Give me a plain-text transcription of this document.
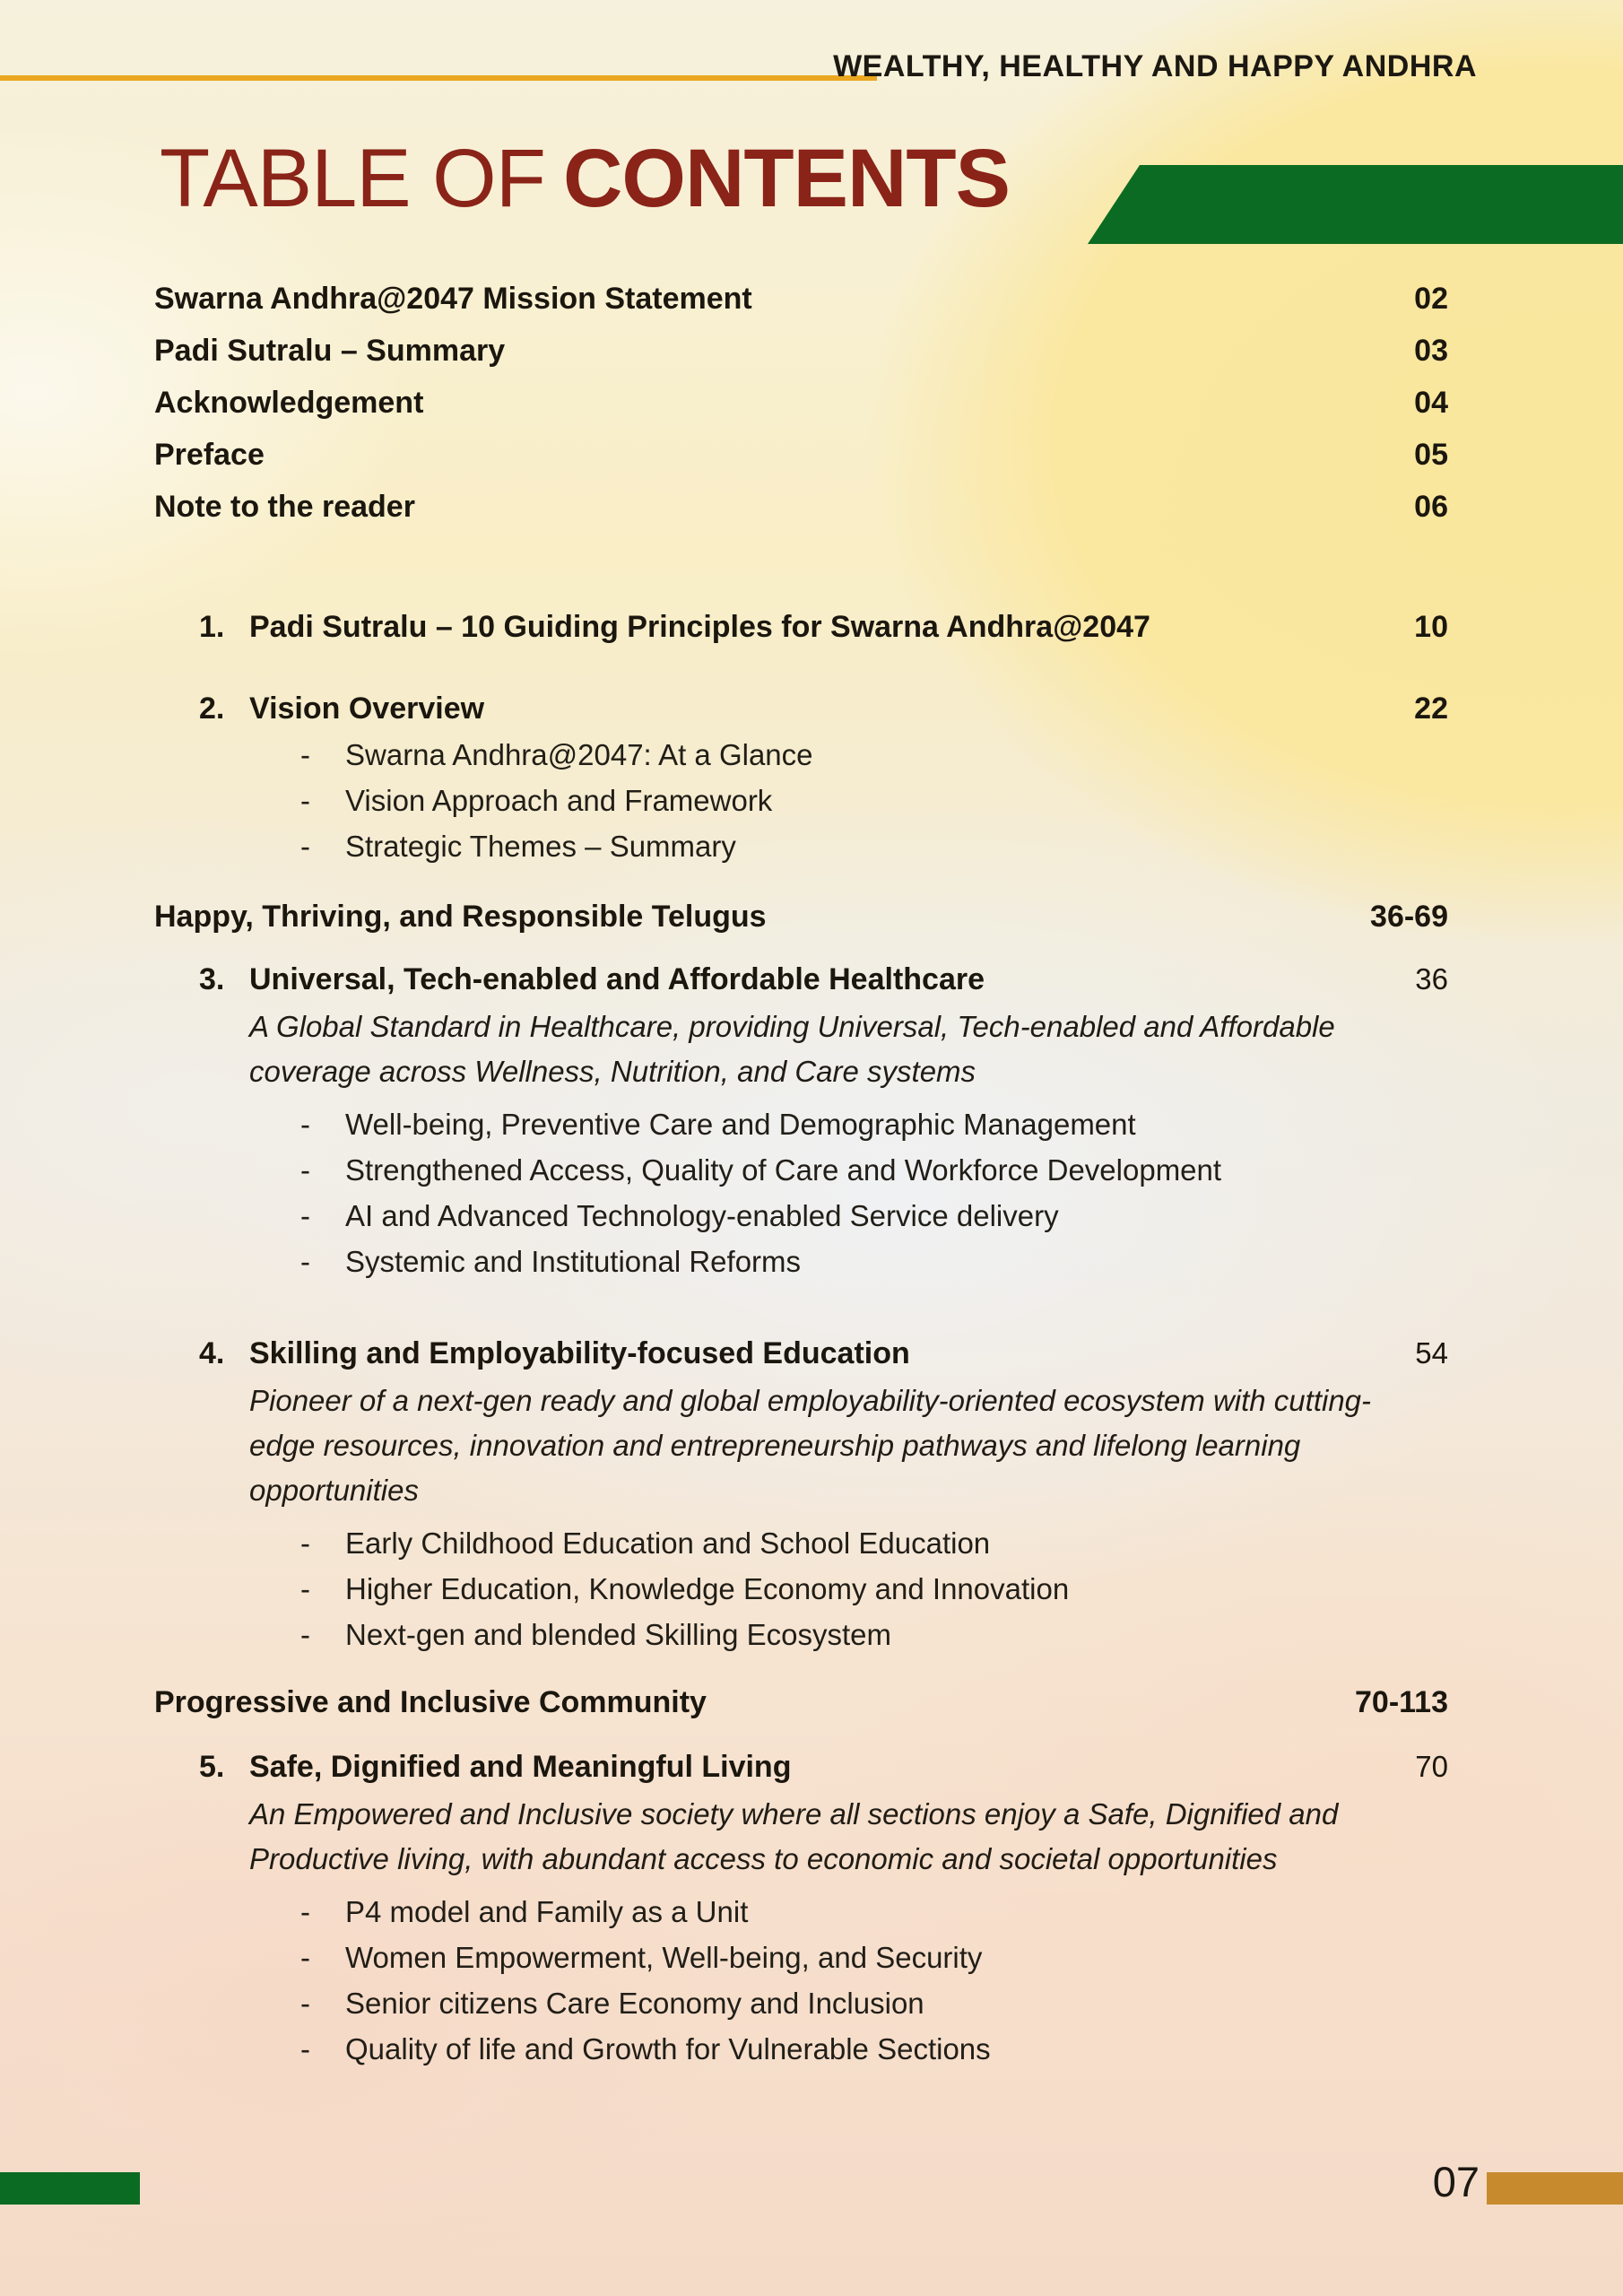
WEALTHY, HEALTHY AND HAPPY ANDHRA
TABLE OF CONTENTS
Swarna Andhra@2047 Mission Statement	02
Padi Sutralu – Summary	03
Acknowledgement	04
Preface	05
Note to the reader	06
1. Padi Sutralu – 10 Guiding Principles for Swarna Andhra@2047	10
2. Vision Overview	22
-	Swarna Andhra@2047: At a Glance
-	Vision Approach and Framework
-	Strategic Themes – Summary
Happy, Thriving, and Responsible Telugus	36-69
3. Universal, Tech-enabled and Affordable Healthcare	36
A Global Standard in Healthcare, providing Universal, Tech-enabled and Affordable
coverage across Wellness, Nutrition, and Care systems
-	Well-being, Preventive Care and Demographic Management
-	Strengthened Access, Quality of Care and Workforce Development
-	AI and Advanced Technology-enabled Service delivery
-	Systemic and Institutional Reforms
4. Skilling and Employability-focused Education	54
Pioneer of a next-gen ready and global employability-oriented ecosystem with cutting-
edge resources, innovation and entrepreneurship pathways and lifelong learning
opportunities
-	Early Childhood Education and School Education
-	Higher Education, Knowledge Economy and Innovation
-	Next-gen and blended Skilling Ecosystem
Progressive and Inclusive Community	70-113
5. Safe, Dignified and Meaningful Living	70
An Empowered and Inclusive society where all sections enjoy a Safe, Dignified and
Productive living, with abundant access to economic and societal opportunities
-	P4 model and Family as a Unit
-	Women Empowerment, Well-being, and Security
-	Senior citizens Care Economy and Inclusion
-	Quality of life and Growth for Vulnerable Sections
07
